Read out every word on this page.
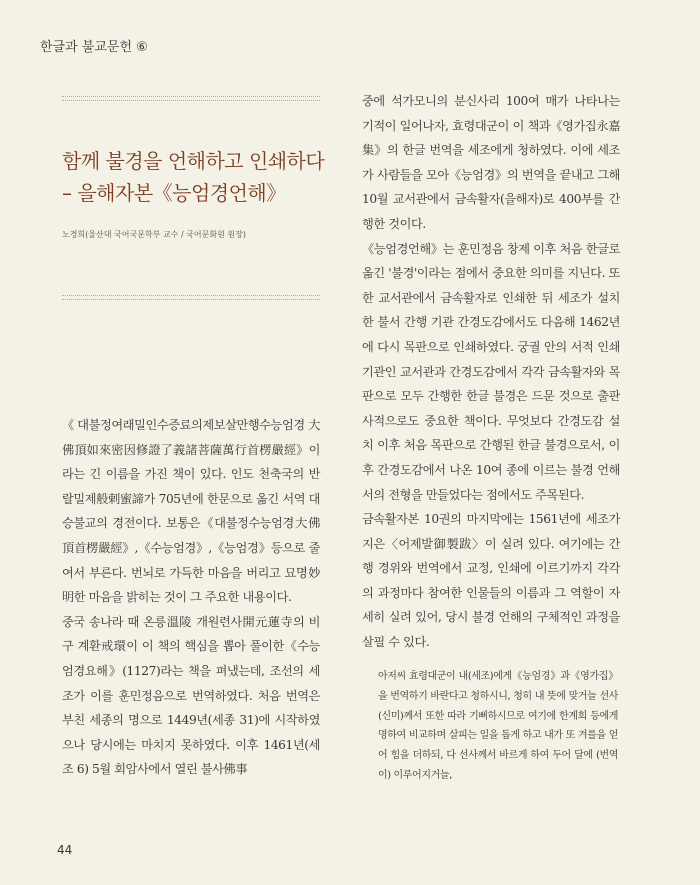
한글과 불교문헌 ⑥
함께 불경을 언해하고 인쇄하다
– 을해자본《능엄경언해》
노경희(울산대 국어국문학부 교수 / 국어문화원 원장)

《대불정여래밀인수증료의제보살만행수능엄경大佛頂如來密因修證了義諸菩薩萬行首楞嚴經》이라는 긴 이름을 가진 책이 있다. 인도 천축국의 반랄밀제般剌蜜諦가 705년에 한문으로 옮긴 서역 대승불교의 경전이다. 보통은《대불정수능엄경大佛頂首楞嚴經》,《수능엄경》,《능엄경》등으로 줄여서 부른다. 번뇌로 가득한 마음을 버리고 묘명妙明한 마음을 밝히는 것이 그 주요한 내용이다.

중국 송나라 때 온릉溫陵 개원련사開元蓮寺의 비구 계환戒環이 이 책의 핵심을 뽑아 풀이한《수능엄경요해》(1127)라는 책을 펴냈는데, 조선의 세조가 이를 훈민정음으로 번역하였다. 처음 번역은 부친 세종의 명으로 1449년(세종 31)에 시작하였으나 당시에는 마치지 못하였다. 이후 1461년(세조 6) 5월 회암사에서 열린 불사佛事

중에 석가모니의 분신사리 100여 매가 나타나는 기적이 일어나자, 효령대군이 이 책과《영가집永嘉集》의 한글 번역을 세조에게 청하였다. 이에 세조가 사람들을 모아《능엄경》의 번역을 끝내고 그해 10월 교서관에서 금속활자(을해자)로 400부를 간행한 것이다.

《능엄경언해》는 훈민정음 창제 이후 처음 한글로 옮긴 '불경'이라는 점에서 중요한 의미를 지닌다. 또한 교서관에서 금속활자로 인쇄한 뒤 세조가 설치한 불서 간행 기관 간경도감에서도 다음해 1462년에 다시 목판으로 인쇄하였다. 궁궐 안의 서적 인쇄 기관인 교서관과 간경도감에서 각각 금속활자와 목판으로 모두 간행한 한글 불경은 드문 것으로 출판사적으로도 중요한 책이다. 무엇보다 간경도감 설치 이후 처음 목판으로 간행된 한글 불경으로서, 이후 간경도감에서 나온 10여 종에 이르는 불경 언해서의 전형을 만들었다는 점에서도 주목된다.

금속활자본 10권의 마지막에는 1561년에 세조가 지은〈어제발御製跋〉이 실려 있다. 여기에는 간행 경위와 번역에서 교정, 인쇄에 이르기까지 각각의 과정마다 참여한 인물들의 이름과 그 역할이 자세히 실려 있어, 당시 불경 언해의 구체적인 과정을 살필 수 있다.

아저씨 효령대군이 내(세조)에게《능엄경》과《영가집》을 번역하기 바란다고 청하시니, 청히 내 뜻에 맞거늘 선사(신미)께서 또한 따라 기뻐하시므로 여기에 한계희 등에게 명하여 비교하며 살피는 일을 돕게 하고 내가 또 겨를을 얻어 힘을 더하되, 다 선사께서 바르게 하여 두어 달에 (번역이) 이루어지거늘,

44
